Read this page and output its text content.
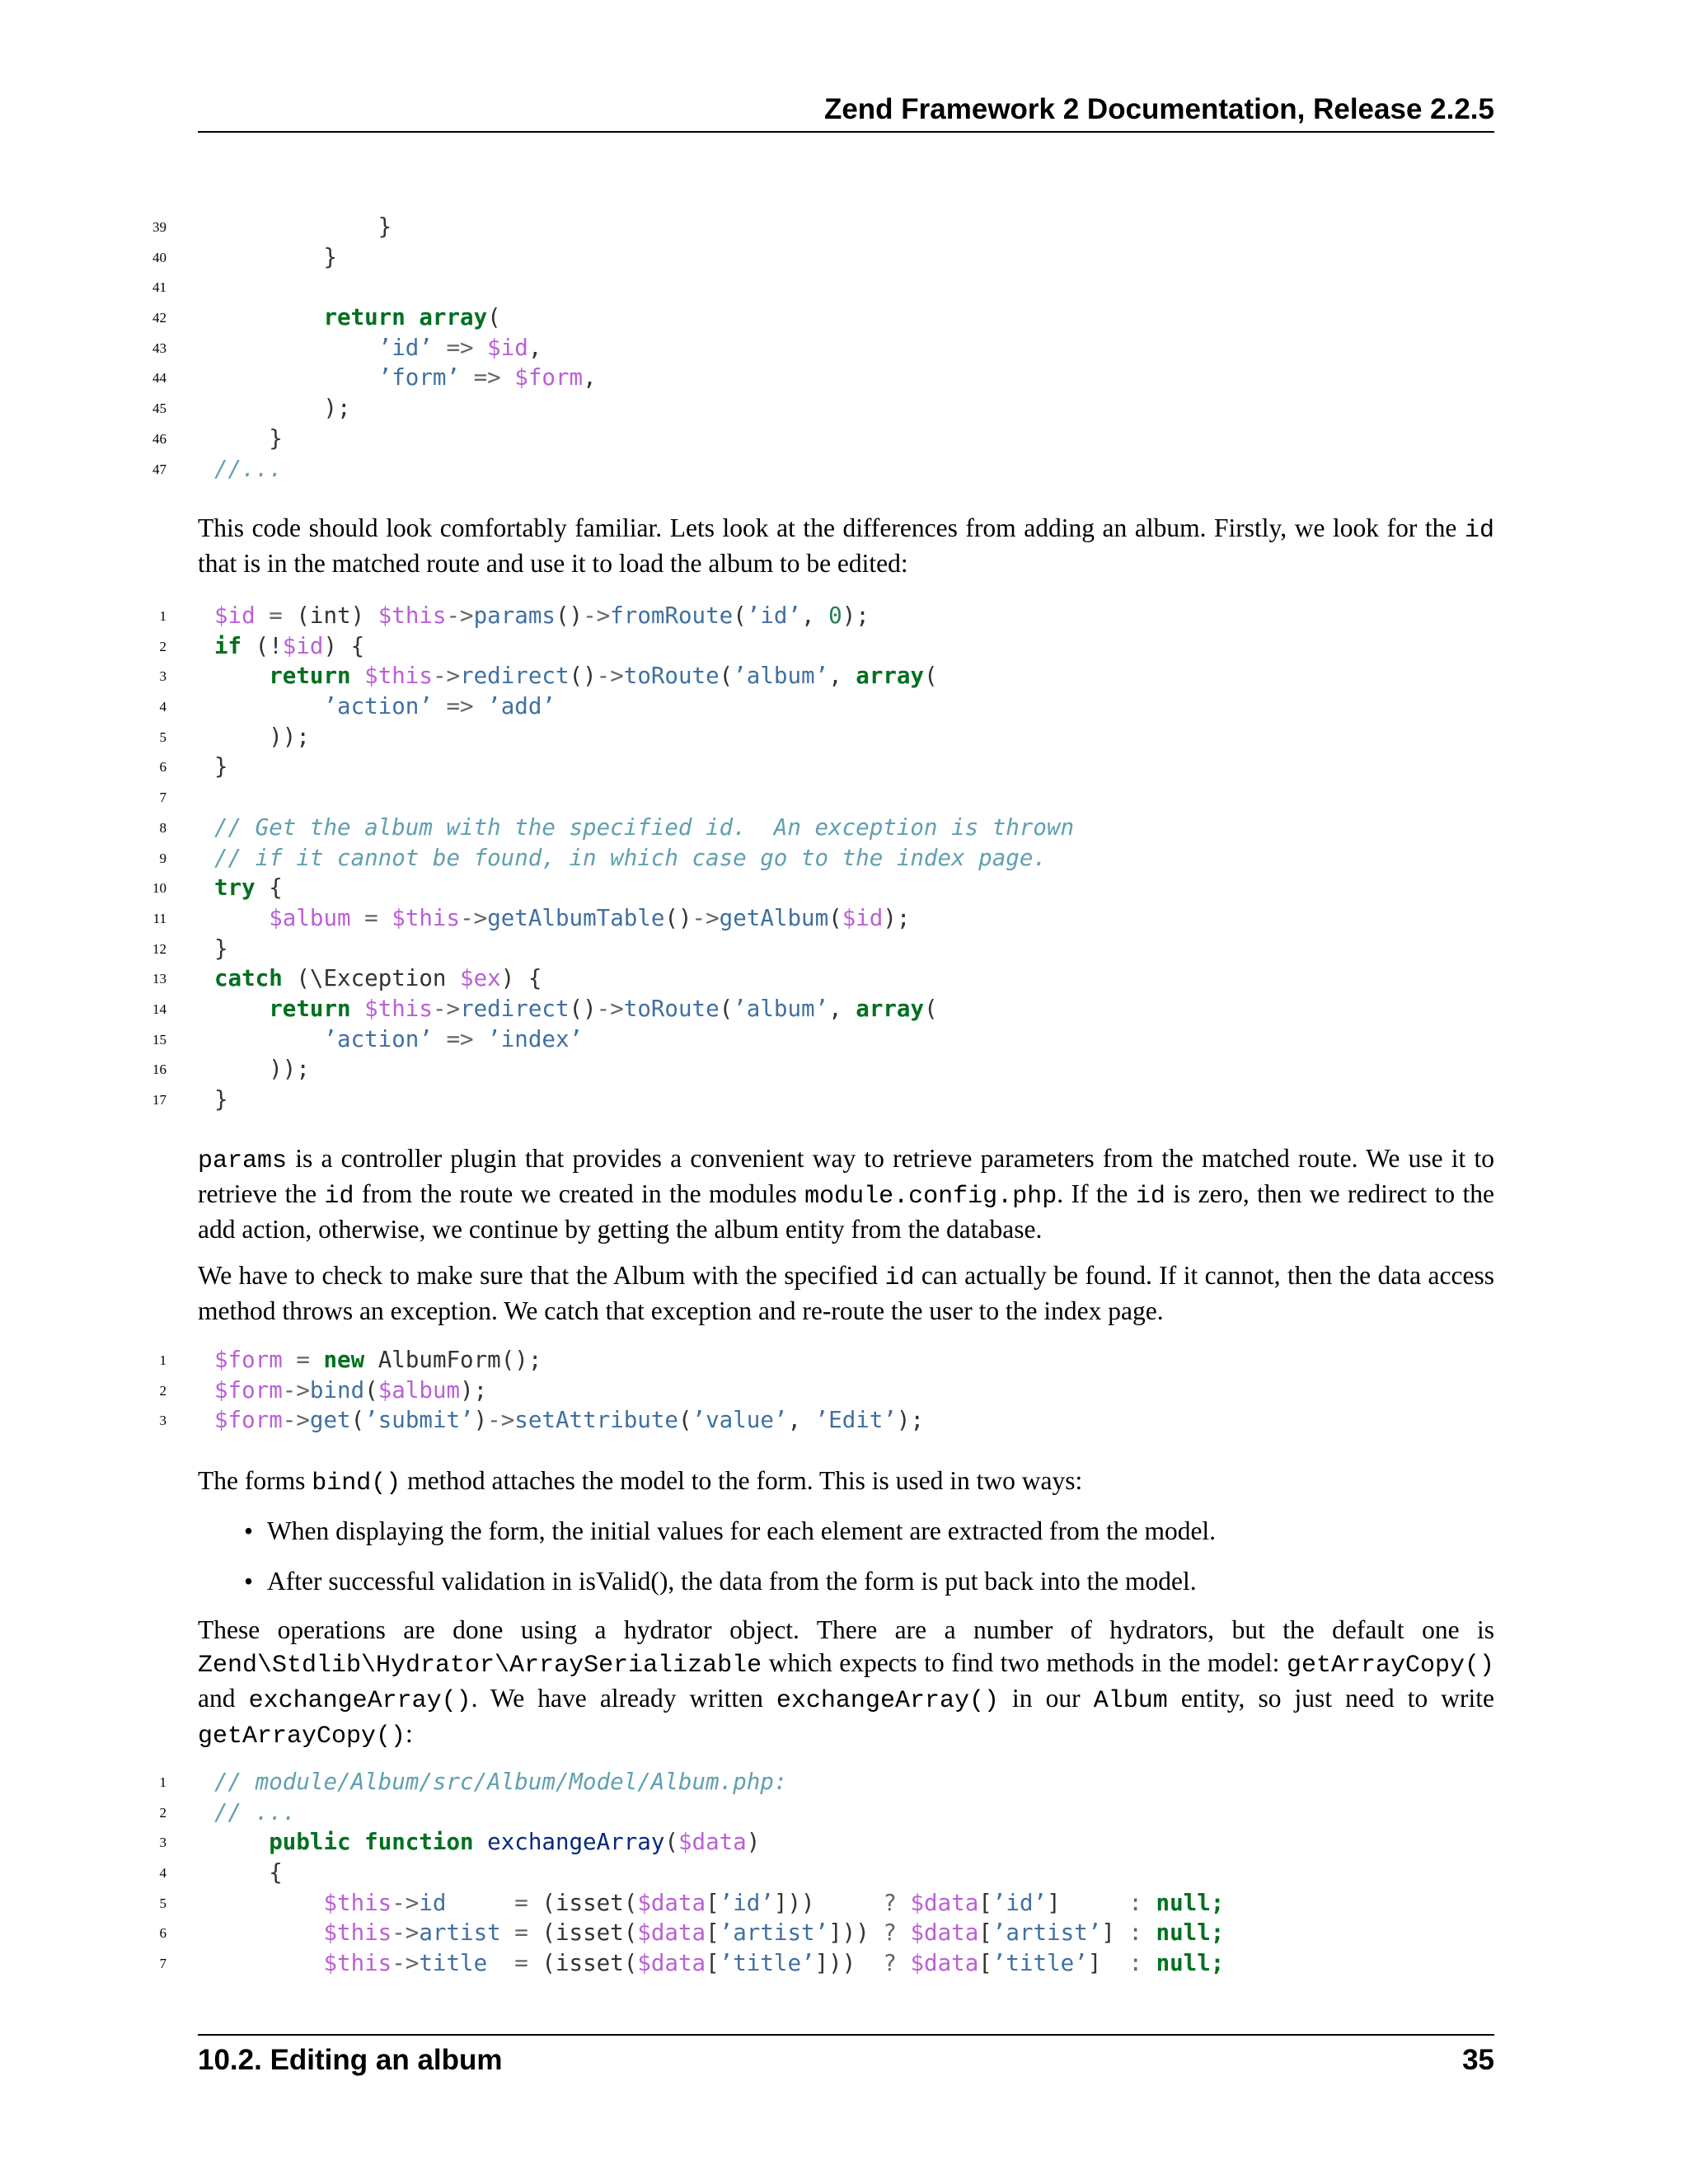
Zend Framework 2 Documentation, Release 2.2.5
39 }
40 }
41
42	return array(
43	’id’ => $id,
44	’form’ => $form,
45 );
46 }
47 //...
This code should look comfortably familiar. Lets look at the differences from adding an album. Firstly, we look for the id that is in the matched route and use it to load the album to be edited:
1 $id = (int) $this->params()->fromRoute(’id’, 0);
2 if (!$id) {
3	return $this->redirect()->toRoute(’album’, array(
4	’action’ => ’add’
5 ));
6 }
7
8 // Get the album with the specified id.  An exception is thrown
9 // if it cannot be found, in which case go to the index page.
10 try {
11	$album = $this->getAlbumTable()->getAlbum($id);
12 }
13 catch (\Exception $ex) {
14	return $this->redirect()->toRoute(’album’, array(
15	’action’ => ’index’
16 ));
17 }
params is a controller plugin that provides a convenient way to retrieve parameters from the matched route. We use it to retrieve the id from the route we created in the modules module.config.php. If the id is zero, then we redirect to the add action, otherwise, we continue by getting the album entity from the database.
We have to check to make sure that the Album with the specified id can actually be found. If it cannot, then the data access method throws an exception. We catch that exception and re-route the user to the index page.
1 $form = new AlbumForm();
2 $form->bind($album);
3 $form->get(’submit’)->setAttribute(’value’, ’Edit’);
The forms bind() method attaches the model to the form. This is used in two ways:
• When displaying the form, the initial values for each element are extracted from the model.
• After successful validation in isValid(), the data from the form is put back into the model.
These operations are done using a hydrator object. There are a number of hydrators, but the default one is Zend\Stdlib\Hydrator\ArraySerializable which expects to find two methods in the model: getArrayCopy() and exchangeArray(). We have already written exchangeArray() in our Album entity, so just need to write getArrayCopy():
1 // module/Album/src/Album/Model/Album.php:
2 // ...
3	public function exchangeArray($data)
4 {
5	$this->id	= (isset($data[’id’]))     ? $data[’id’]     : null;
6	$this->artist = (isset($data[’artist’])) ? $data[’artist’] : null;
7	$this->title = (isset($data[’title’]))  ? $data[’title’]  : null;
10.2. Editing an album	35
